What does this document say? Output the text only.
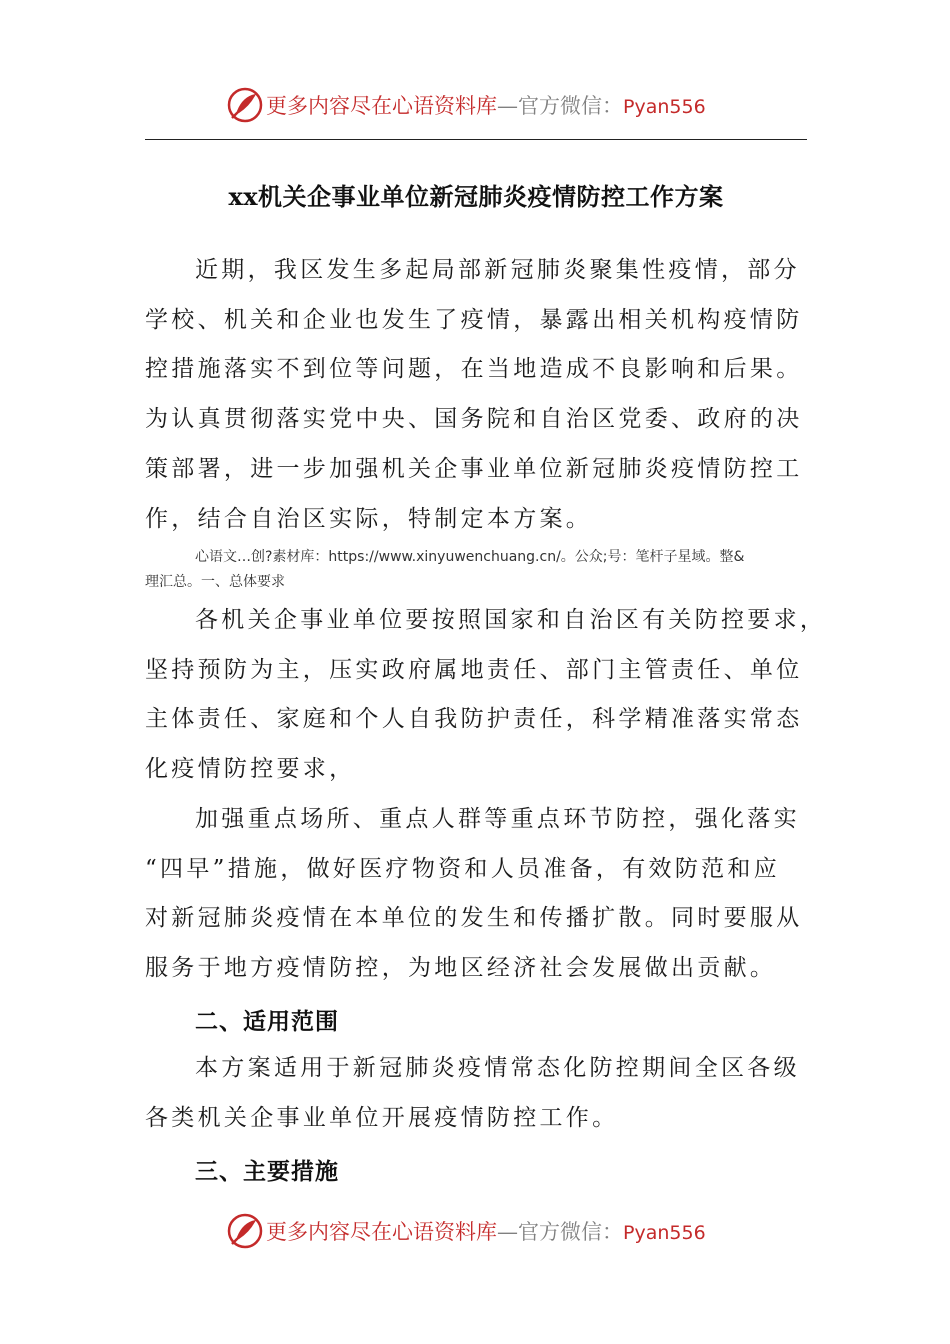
更多内容尽在心语资料库—官方微信：Pyan556
xx机关企事业单位新冠肺炎疫情防控工作方案

近期，我区发生多起局部新冠肺炎聚集性疫情，部分
学校、机关和企业也发生了疫情，暴露出相关机构疫情防
控措施落实不到位等问题，在当地造成不良影响和后果。
为认真贯彻落实党中央、国务院和自治区党委、政府的决
策部署，进一步加强机关企事业单位新冠肺炎疫情防控工
作，结合自治区实际，特制定本方案。

心语文…创?素材库：https://www.xinyuwenchuang.cn/。公众;号：笔杆子星域。整&
理汇总。一、总体要求

各机关企事业单位要按照国家和自治区有关防控要求，
坚持预防为主，压实政府属地责任、部门主管责任、单位
主体责任、家庭和个人自我防护责任，科学精准落实常态
化疫情防控要求，

加强重点场所、重点人群等重点环节防控，强化落实
“四早”措施，做好医疗物资和人员准备，有效防范和应
对新冠肺炎疫情在本单位的发生和传播扩散。同时要服从
服务于地方疫情防控，为地区经济社会发展做出贡献。

二、适用范围

本方案适用于新冠肺炎疫情常态化防控期间全区各级
各类机关企事业单位开展疫情防控工作。

三、主要措施
更多内容尽在心语资料库—官方微信：Pyan556
